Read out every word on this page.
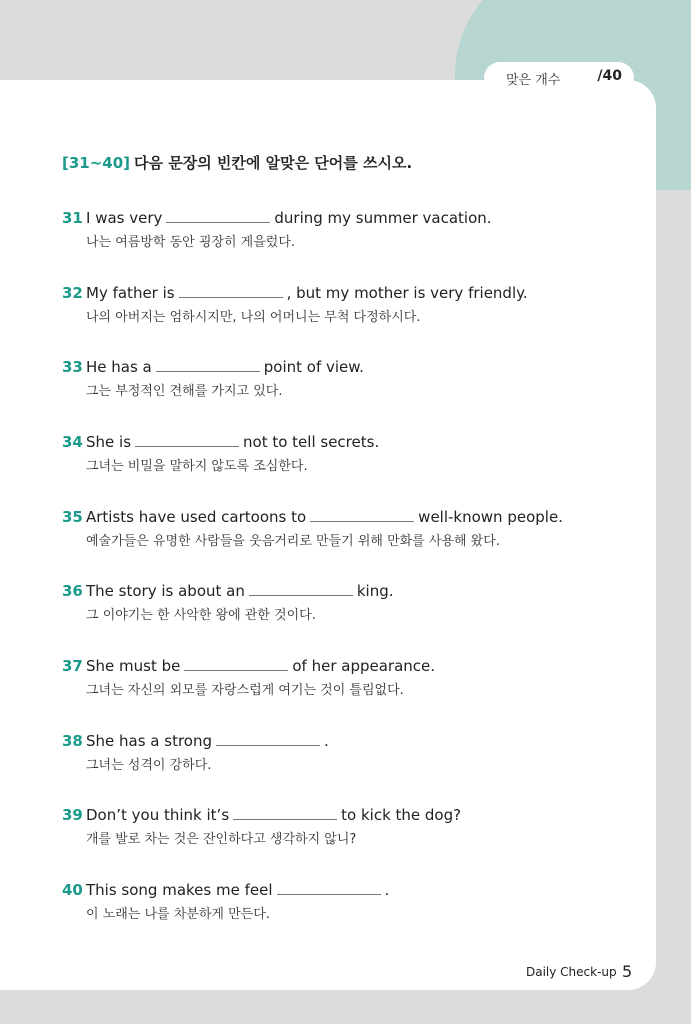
맞은 개수	/40
[31~40] 다음 문장의 빈칸에 알맞은 단어를 쓰시오.
31 I was very	during my summer vacation.
나는 여름방학 동안 굉장히 게을렀다.
32 My father is	, but my mother is very friendly.
나의 아버지는 엄하시지만, 나의 어머니는 무척 다정하시다.
33 He has a	point of view.
그는 부정적인 견해를 가지고 있다.
34 She is	not to tell secrets.
그녀는 비밀을 말하지 않도록 조심한다.
35 Artists have used cartoons to	well-known people.
예술가들은 유명한 사람들을 웃음거리로 만들기 위해 만화를 사용해 왔다.
36 The story is about an	king.
그 이야기는 한 사악한 왕에 관한 것이다.
37 She must be	of her appearance.
그녀는 자신의 외모를 자랑스럽게 여기는 것이 틀림없다.
38 She has a strong	.
그녀는 성격이 강하다.
39 Don’t you think it’s	to kick the dog?
개를 발로 차는 것은 잔인하다고 생각하지 않니?
40 This song makes me feel	.
이 노래는 나를 차분하게 만든다.
Daily Check-up 5
